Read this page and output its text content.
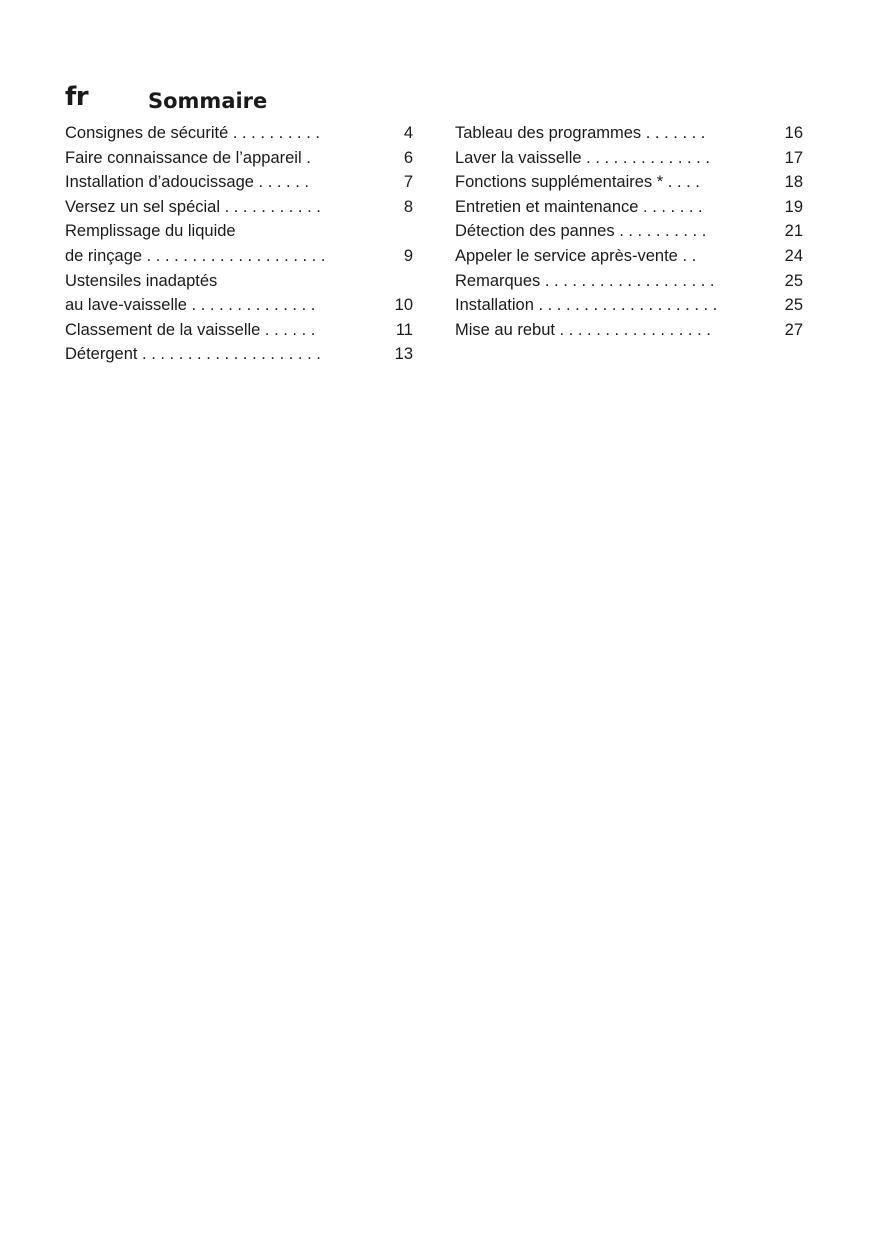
fr	Sommaire
Consignes de sécurité . . . . . . . . . .	4
Faire connaissance de l’appareil .	6
Installation d’adoucissage . . . . . .	7
Versez un sel spécial . . . . . . . . . . .	8
Remplissage du liquide
de rinçage . . . . . . . . . . . . . . . . . . . .	9
Ustensiles inadaptés
au lave-vaisselle . . . . . . . . . . . . . .	10
Classement de la vaisselle . . . . . .	11
Détergent . . . . . . . . . . . . . . . . . . . .	13
Tableau des programmes . . . . . . .	16
Laver la vaisselle . . . . . . . . . . . . . .	17
Fonctions supplémentaires * . . . .	18
Entretien et maintenance . . . . . . .	19
Détection des pannes . . . . . . . . . .	21
Appeler le service après-vente . .	24
Remarques . . . . . . . . . . . . . . . . . . .	25
Installation . . . . . . . . . . . . . . . . . . . .	25
Mise au rebut . . . . . . . . . . . . . . . . .	27
